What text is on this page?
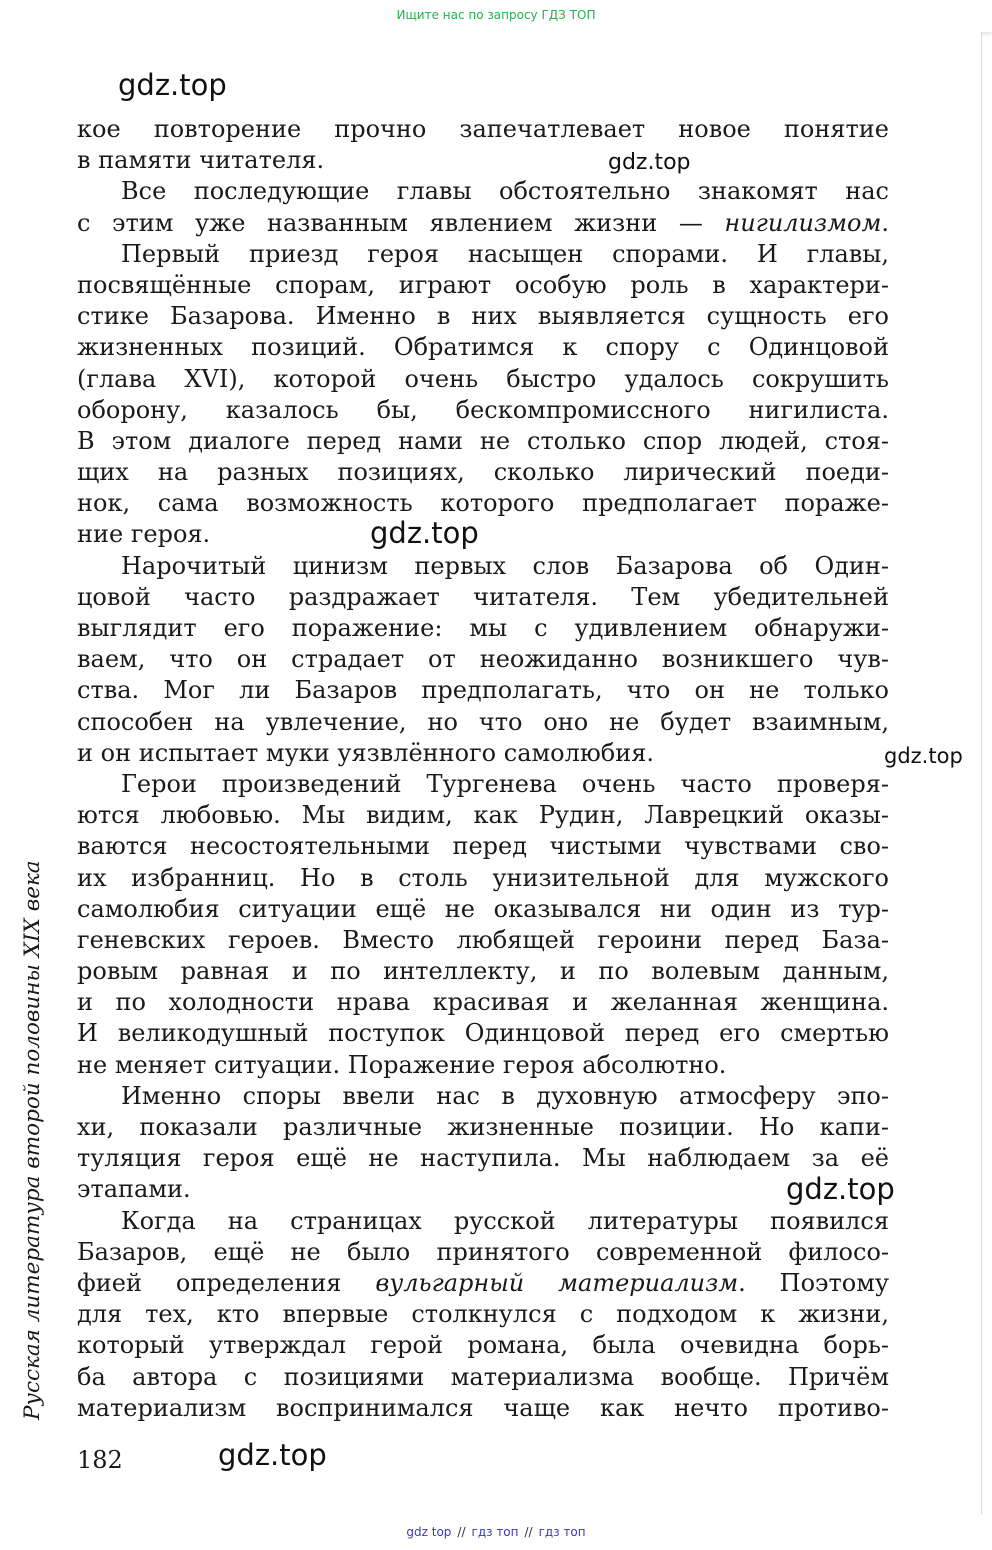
Ищите нас по запросу ГДЗ ТОП
gdz.top
gdz.top
gdz.top
gdz.top
gdz.top
gdz.top
кое повторение прочно запечатлевает новое понятие
в памяти читателя.
Все последующие главы обстоятельно знакомят нас
с этим уже названным явлением жизни — нигилизмом.
Первый приезд героя насыщен спорами. И главы,
посвящённые спорам, играют особую роль в характери-
стике Базарова. Именно в них выявляется сущность его
жизненных позиций. Обратимся к спору с Одинцовой
(глава XVI), которой очень быстро удалось сокрушить
оборону, казалось бы, бескомпромиссного нигилиста.
В этом диалоге перед нами не столько спор людей, стоя-
щих на разных позициях, сколько лирический поеди-
нок, сама возможность которого предполагает пораже-
ние героя.
Нарочитый цинизм первых слов Базарова об Один-
цовой часто раздражает читателя. Тем убедительней
выглядит его поражение: мы с удивлением обнаружи-
ваем, что он страдает от неожиданно возникшего чув-
ства. Мог ли Базаров предполагать, что он не только
способен на увлечение, но что оно не будет взаимным,
и он испытает муки уязвлённого самолюбия.
Герои произведений Тургенева очень часто проверя-
ются любовью. Мы видим, как Рудин, Лаврецкий оказы-
ваются несостоятельными перед чистыми чувствами сво-
их избранниц. Но в столь унизительной для мужского
самолюбия ситуации ещё не оказывался ни один из тур-
геневских героев. Вместо любящей героини перед База-
ровым равная и по интеллекту, и по волевым данным,
и по холодности нрава красивая и желанная женщина.
И великодушный поступок Одинцовой перед его смертью
не меняет ситуации. Поражение героя абсолютно.
Именно споры ввели нас в духовную атмосферу эпо-
хи, показали различные жизненные позиции. Но капи-
туляция героя ещё не наступила. Мы наблюдаем за её
этапами.
Когда на страницах русской литературы появился
Базаров, ещё не было принятого современной филосо-
фией определения вульгарный материализм. Поэтому
для тех, кто впервые столкнулся с подходом к жизни,
который утверждал герой романа, была очевидна борь-
ба автора с позициями материализма вообще. Причём
материализм воспринимался чаще как нечто противо-
Русская литература второй половины XIX века
182
gdz top // гдз топ // гдз топ
